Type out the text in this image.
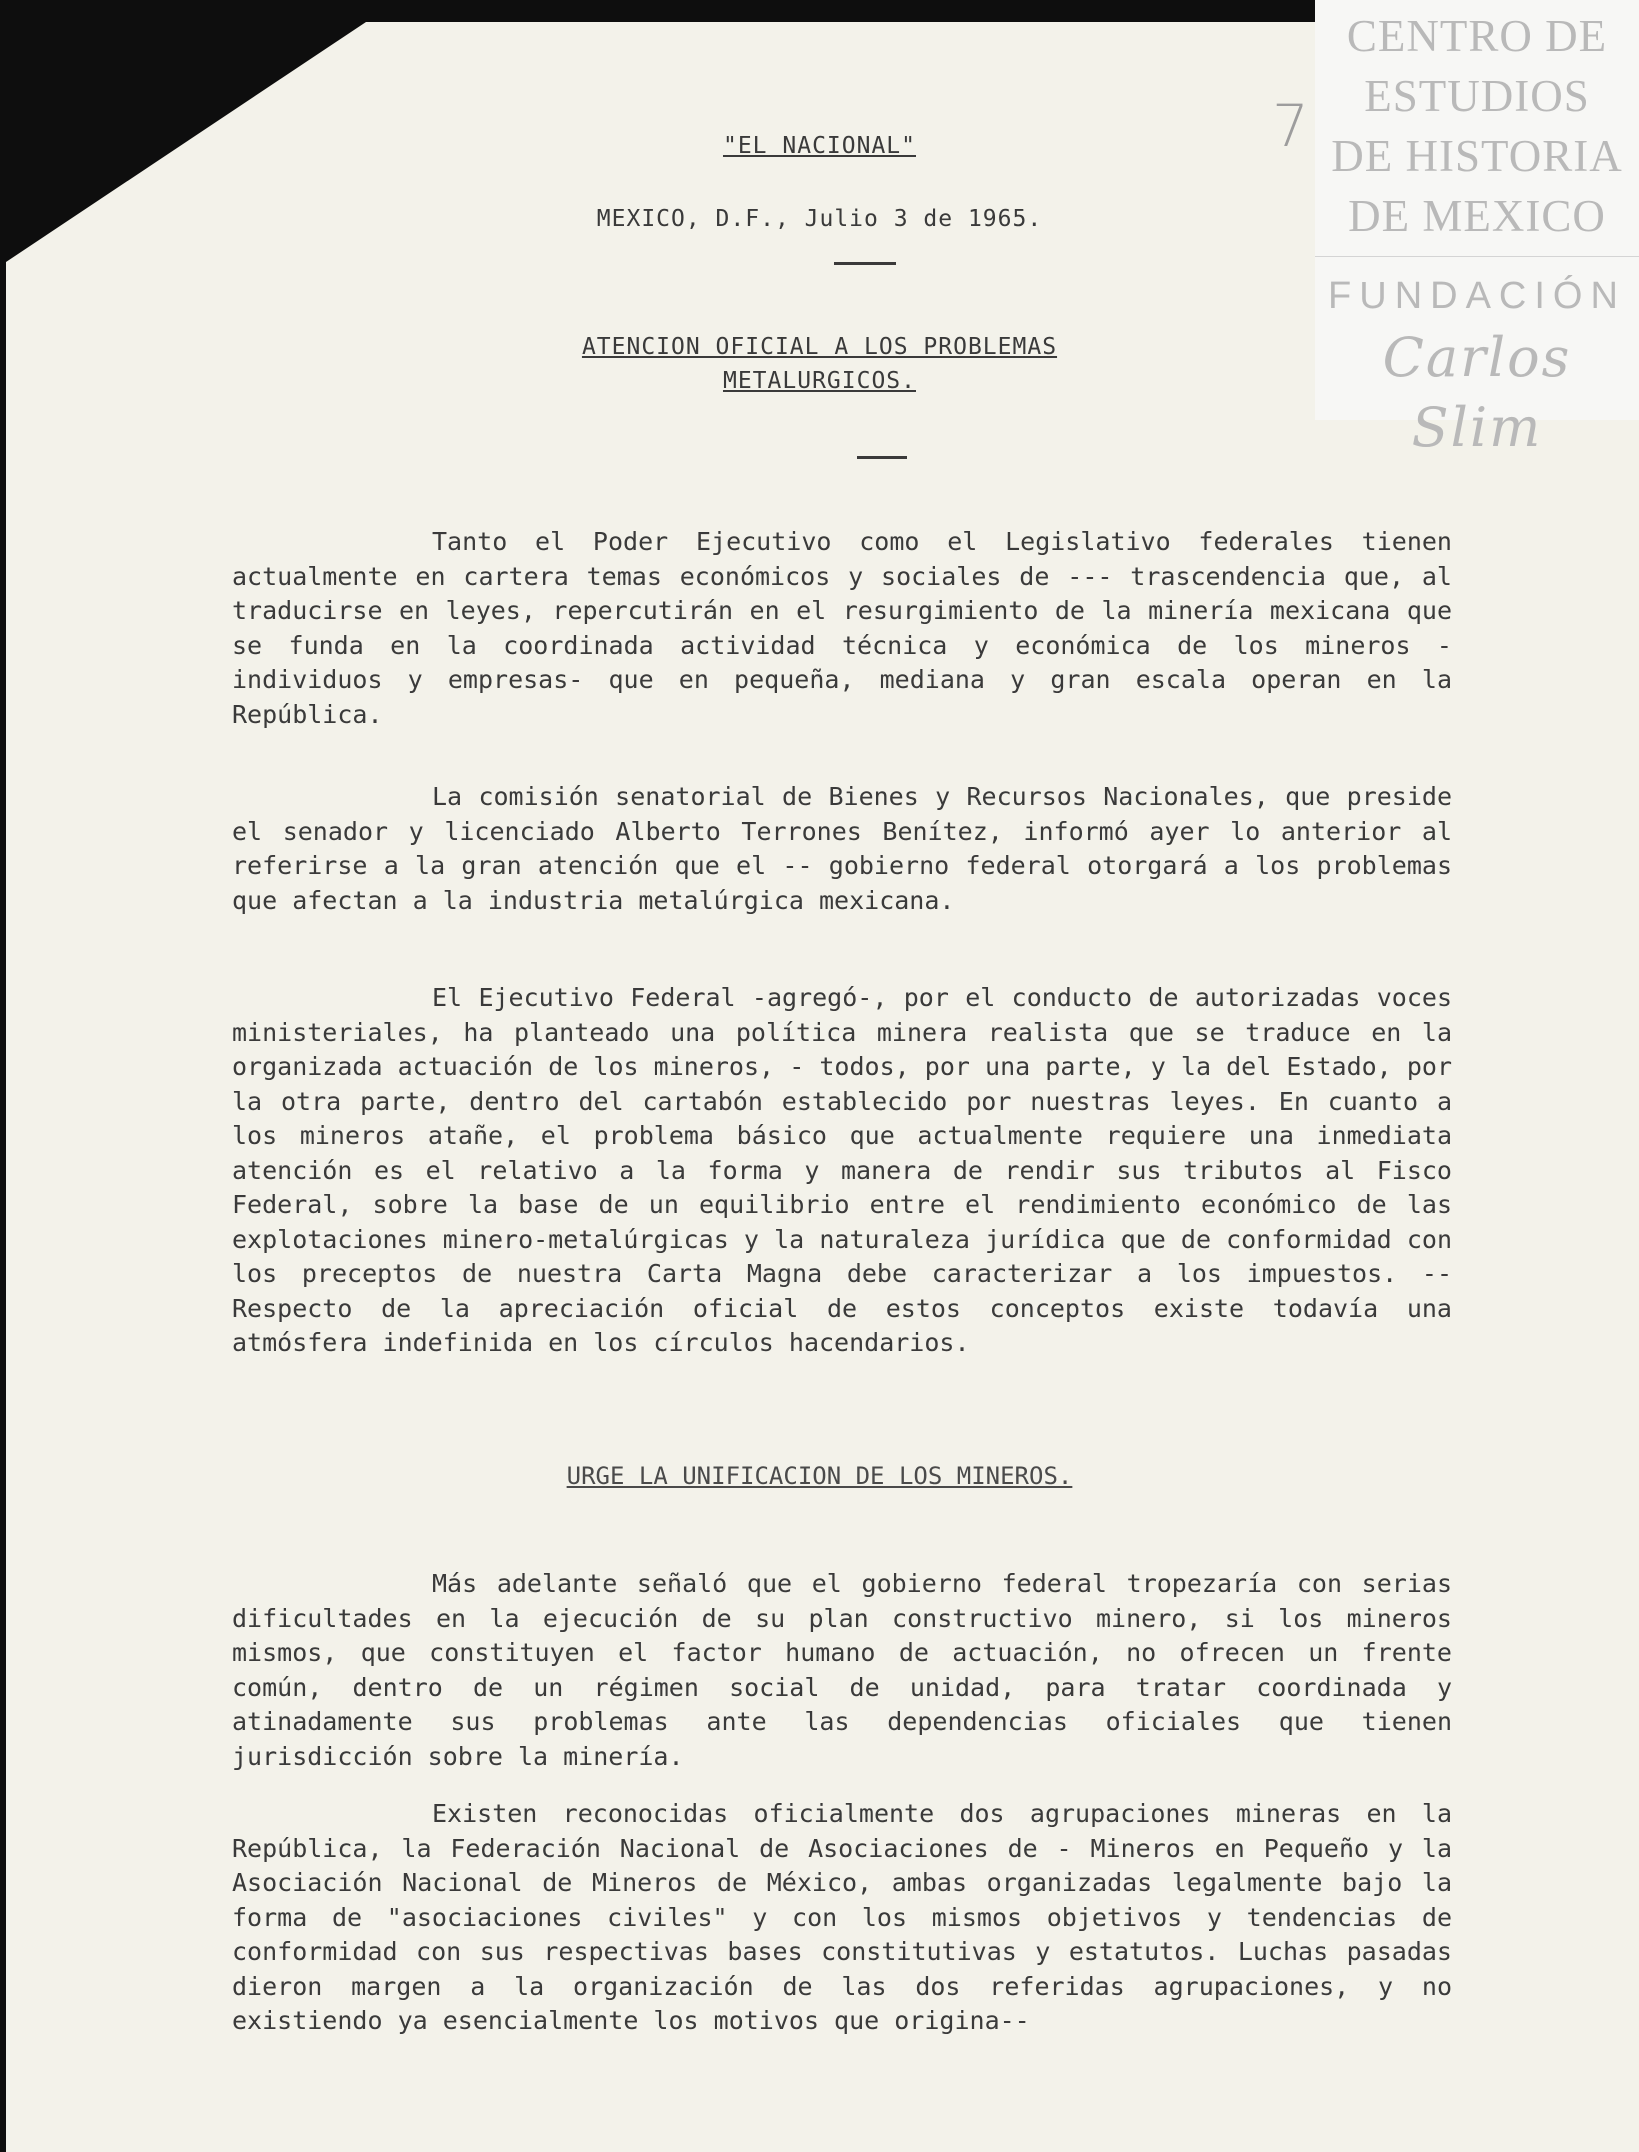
CENTRO DE
ESTUDIOS
DE HISTORIA
DE MEXICO
FUNDACIÓN
Carlos Slim
7
"EL NACIONAL"
MEXICO, D.F., Julio 3 de 1965.
ATENCION OFICIAL A LOS PROBLEMAS
METALURGICOS.

Tanto el Poder Ejecutivo como el Legislativo federales tienen actualmente en cartera temas económicos y sociales de --- trascendencia que, al traducirse en leyes, repercutirán en el resurgimiento de la minería mexicana que se funda en la coordinada actividad técnica y económica de los mineros -individuos y empresas- que en pequeña, mediana y gran escala operan en la República.

La comisión senatorial de Bienes y Recursos Nacionales, que preside el senador y licenciado Alberto Terrones Benítez, informó ayer lo anterior al referirse a la gran atención que el -- gobierno federal otorgará a los problemas que afectan a la industria metalúrgica mexicana.

El Ejecutivo Federal -agregó-, por el conducto de autorizadas voces ministeriales, ha planteado una política minera realista que se traduce en la organizada actuación de los mineros, - todos, por una parte, y la del Estado, por la otra parte, dentro del cartabón establecido por nuestras leyes. En cuanto a los mineros atañe, el problema básico que actualmente requiere una inmediata atención es el relativo a la forma y manera de rendir sus tributos al Fisco Federal, sobre la base de un equilibrio entre el rendimiento económico de las explotaciones minero-metalúrgicas y la naturaleza jurídica que de conformidad con los preceptos de nuestra Carta Magna debe caracterizar a los impuestos. -- Respecto de la apreciación oficial de estos conceptos existe todavía una atmósfera indefinida en los círculos hacendarios.

URGE LA UNIFICACION DE LOS MINEROS.

Más adelante señaló que el gobierno federal tropezaría con serias dificultades en la ejecución de su plan constructivo minero, si los mineros mismos, que constituyen el factor humano de actuación, no ofrecen un frente común, dentro de un régimen social de unidad, para tratar coordinada y atinadamente sus problemas ante las dependencias oficiales que tienen jurisdicción sobre la minería.

Existen reconocidas oficialmente dos agrupaciones mineras en la República, la Federación Nacional de Asociaciones de - Mineros en Pequeño y la Asociación Nacional de Mineros de México, ambas organizadas legalmente bajo la forma de "asociaciones civiles" y con los mismos objetivos y tendencias de conformidad con sus respectivas bases constitutivas y estatutos. Luchas pasadas dieron margen a la organización de las dos referidas agrupaciones, y no existiendo ya esencialmente los motivos que origina--
